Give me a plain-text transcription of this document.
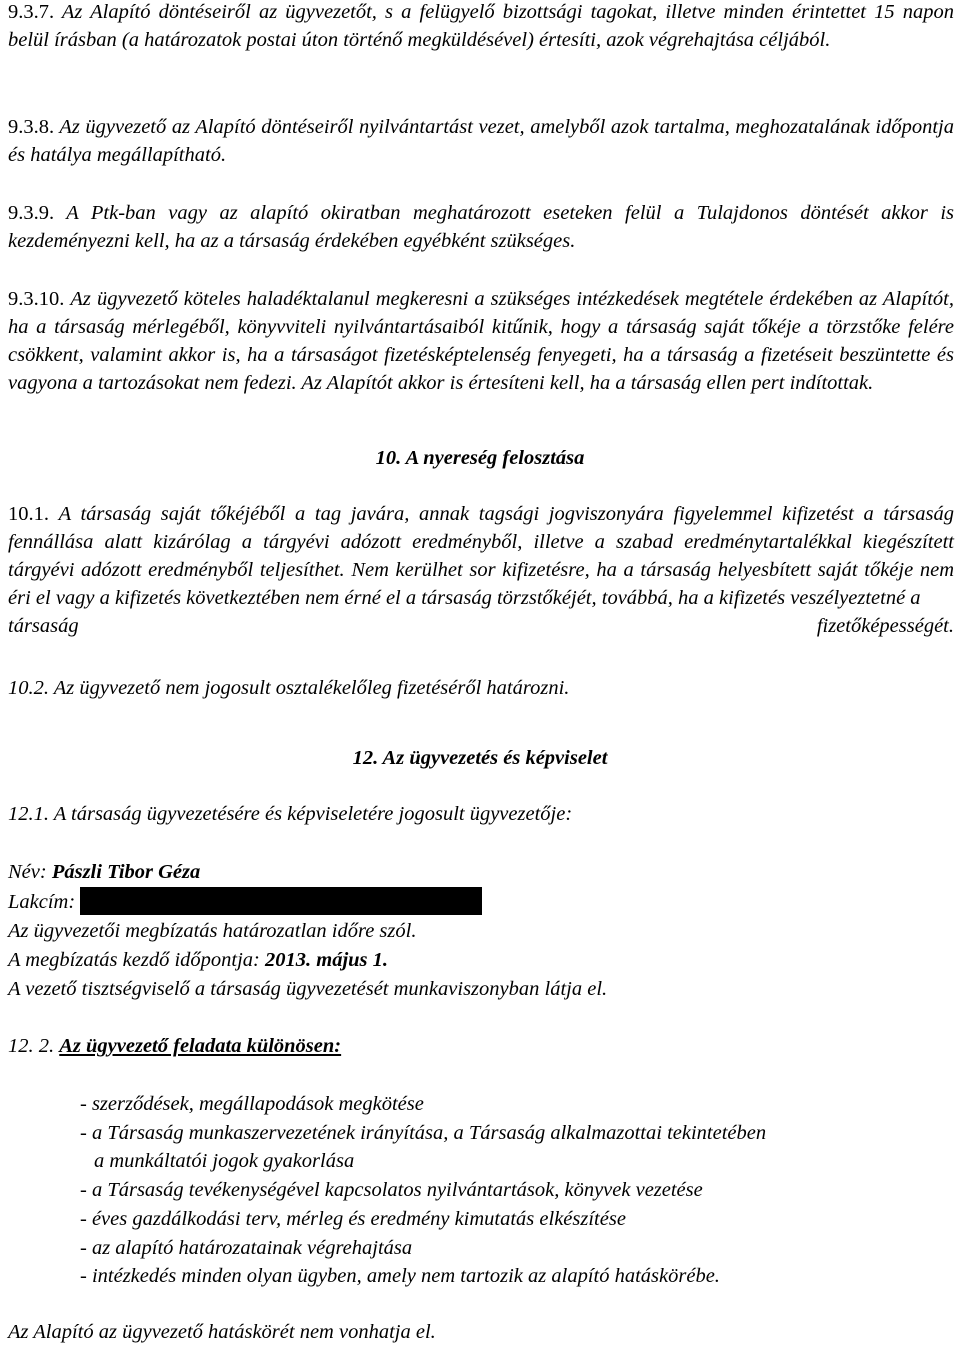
9.3.7. Az Alapító döntéseiről az ügyvezetőt, s a felügyelő bizottsági tagokat, illetve minden érintettet 15 napon belül írásban (a határozatok postai úton történő megküldésével) értesíti, azok végrehajtása céljából.

9.3.8. Az ügyvezető az Alapító döntéseiről nyilvántartást vezet, amelyből azok tartalma, meghozatalának időpontja és hatálya megállapítható.

9.3.9. A Ptk-ban vagy az alapító okiratban meghatározott eseteken felül a Tulajdonos döntését akkor is kezdeményezni kell, ha az a társaság érdekében egyébként szükséges.

9.3.10. Az ügyvezető köteles haladéktalanul megkeresni a szükséges intézkedések megtétele érdekében az Alapítót, ha a társaság mérlegéből, könyvviteli nyilvántartásaiból kitűnik, hogy a társaság saját tőkéje a törzstőke felére csökkent, valamint akkor is, ha a társaságot fizetésképtelenség fenyegeti, ha a társaság a fizetéseit beszüntette és vagyona a tartozásokat nem fedezi. Az Alapítót akkor is értesíteni kell, ha a társaság ellen pert indítottak.

10. A nyereség felosztása

10.1. A társaság saját tőkéjéből a tag javára, annak tagsági jogviszonyára figyelemmel kifizetést a társaság fennállása alatt kizárólag a tárgyévi adózott eredményből, illetve a szabad eredménytartalékkal kiegészített tárgyévi adózott eredményből teljesíthet. Nem kerülhet sor kifizetésre, ha a társaság helyesbített saját tőkéje nem éri el vagy a kifizetés következtében nem érné el a társaság törzstőkéjét, továbbá, ha a kifizetés veszélyeztetné a
társaság	fizetőképességét.

10.2. Az ügyvezető nem jogosult osztalékelőleg fizetéséről határozni.

12. Az ügyvezetés és képviselet

12.1. A társaság ügyvezetésére és képviseletére jogosult ügyvezetője:

Név: Pászli Tibor Géza
Lakcím:
Az ügyvezetői megbízatás határozatlan időre szól.
A megbízatás kezdő időpontja: 2013. május 1.
A vezető tisztségviselő a társaság ügyvezetését munkaviszonyban látja el.

12. 2. Az ügyvezető feladata különösen:

- szerződések, megállapodások megkötése
- a Társaság munkaszervezetének irányítása, a Társaság alkalmazottai tekintetében
a munkáltatói jogok gyakorlása
- a Társaság tevékenységével kapcsolatos nyilvántartások, könyvek vezetése
- éves gazdálkodási terv, mérleg és eredmény kimutatás elkészítése
- az alapító határozatainak végrehajtása
- intézkedés minden olyan ügyben, amely nem tartozik az alapító hatáskörébe.

Az Alapító az ügyvezető hatáskörét nem vonhatja el.
